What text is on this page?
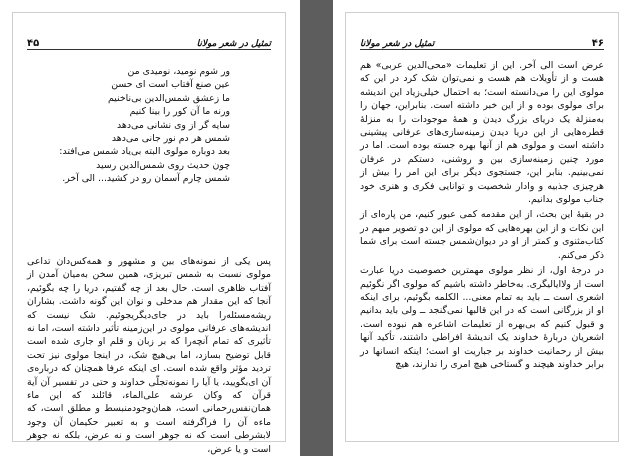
۴۵	تمثیل در شعر مولانا
ور شوم نومید، نومیدی من
عین صنع آفتاب است ای حسن
ما زعشق شمس‌الدین بی‌ناخنیم
ورنه ما آن کور را بینا کنیم
سایه گر از وی نشانی می‌دهد
شمس هر دم نور جانی می‌دهد
بعد دوباره مولوی البته بی‌یاد شمس می‌افتد:
چون حدیث روی شمس‌الدین رسید
شمس چارم آسمان رو در کشید... الی آخر.

پس یکی از نمونه‌های بین و مشهور و همه‌کس‌دان تداعی مولوی نسبت به شمس تبریزی، همین سخن به‌میان آمدن از آفتاب ظاهری است. حال بعد از چه گفتیم، دریا را چه بگوئیم، آنجا که این مقدار هم مدخلی و نوان این گونه داشت. بشاران ریشه‌مسئله‌را باید در جای‌دیگریجوئیم. شک نیست که اندیشه‌های عرفانی مولوی در این‌زمینه تأثیر داشته است، اما نه تأثیری که تمام آنچه‌را که بر زبان و قلم او جاری شده است قابل توضیح بسازد، اما بی‌هیچ شک، در اینجا مولوی نیز تحت تردید مؤثر واقع شده است. ای اینکه عرفا همچنان که درباره‌ی آن ای‌بگویید، یا آیا را نمونه‌تجلّی خداوند و حتی در تفسیر آن آیة قرآن که وکان عرشه علی‌الماء، قائلند که این ماء همان‌نفس‌رحمانی است، همان‌وجودمنبسط و مطلق است، که ماءه آن را فراگرفته است و به تعبیر حکیمان آن وجود لابشرطی است که نه جوهر است و نه عرض، بلکه نه جوهر است و یا عرض،

تمثیل در شعر مولانا	۴۶

عرض است الی آخر. این از تعلیمات «محی‌الدین عربی» هم هست و از تأویلات هم هست و نمی‌توان شک کرد در این که مولوی این را می‌دانسته است؛ به احتمال خیلی‌زیاد این اندیشه برای مولوی بوده و از این خبر داشته است. بنابراین، جهان را به‌منزلة یک دریای بزرگ دیدن و همهٔ موجودات را به منزلهٔ قطره‌هایی از این دریا دیدن زمینه‌سازی‌های عرفانی پیشینی داشته است و مولوی هم از آنها بهره جسته بوده است. اما در مورد چنین زمینه‌سازی بین و روشنی، دستکم در عرفان نمی‌بینیم. بنابر این، جستجوی دیگر برای این امر را بیش از هرچیزی جذبیه و وادار شخصیت و توانایی فکری و هنری خود جناب مولوی بدانیم.

در بقیهٔ این بحث، از این مقدمه کمی عبور کنیم، من پاره‌ای از این نکات و از این بهره‌هایی که مولوی از این دو تصویر مبهم در کتاب‌مثنوی و کمتر از او در دیوان‌شمس جسته است برای شما ذکر می‌کنم.

در درجهٔ اول، از نظر مولوی مهمترین خصوصیت دریا عبارت است از ولاایالیگری. به‌خاطر داشته باشیم که مولوی اگر نگوئیم اشعری است ــ باید به تمام معنی... الکلمه بگوئیم، برای اینکه او از بزرگانی است که در این قالبها نمی‌گنجد ــ ولی باید بدانیم و قبول کنیم که بی‌بهره از تعلیمات اشاعره هم نبوده است. اشعریان دربارهٔ خداوند یک اندیشهٔ افراطی داشتند، تأکید آنها بیش از رحمانیت خداوند بر جباریت او است؛ اینکه انسانها در برابر خداوند هیچند و گستاخی هیچ امری را ندارند، هیچ
